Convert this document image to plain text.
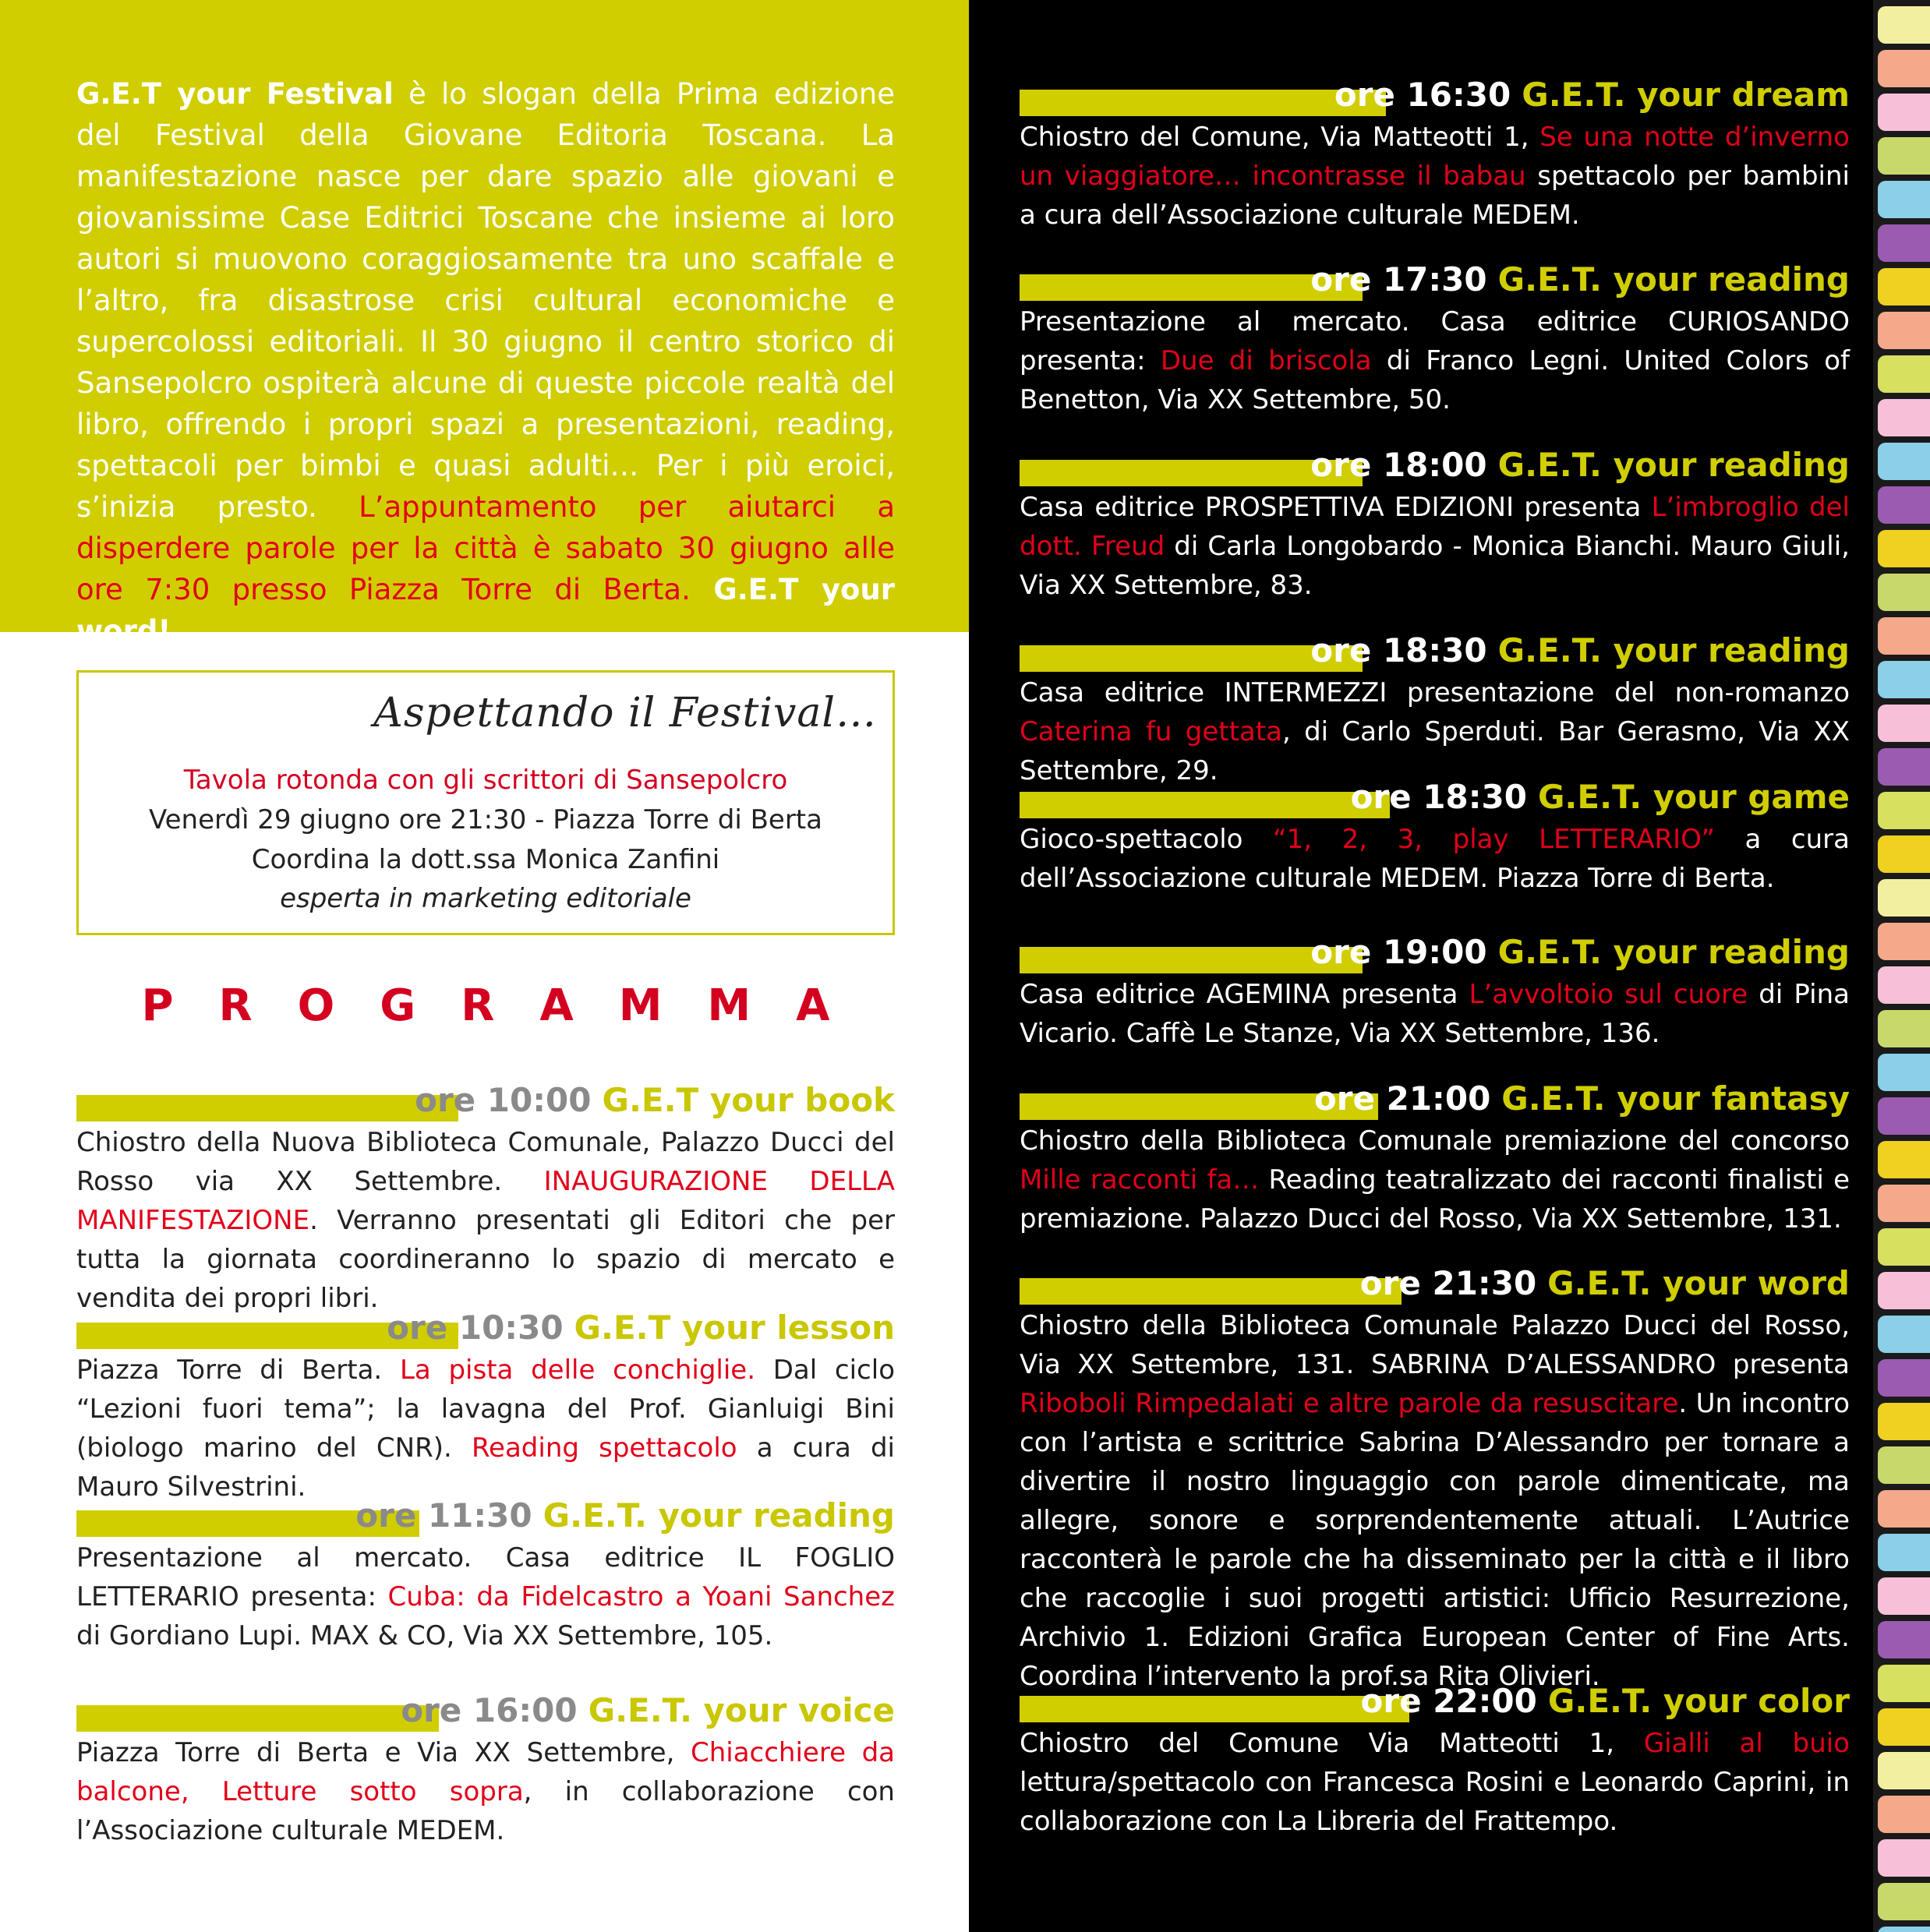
G.E.T your Festival è lo slogan della Prima edizione del Festival della Giovane Editoria Toscana. La manifestazione nasce per dare spazio alle giovani e giovanissime Case Editrici Toscane che insieme ai loro autori si muovono coraggiosamente tra uno scaffale e l’altro, fra disastrose crisi cultural economiche e supercolossi editoriali. Il 30 giugno il centro storico di Sansepolcro ospiterà alcune di queste piccole realtà del libro, offrendo i propri spazi a presentazioni, reading, spettacoli per bimbi e quasi adulti… Per i più eroici, s’inizia presto. L’appuntamento per aiutarci a disperdere parole per la città è sabato 30 giugno alle ore 7:30 presso Piazza Torre di Berta. G.E.T your word!

Aspettando il Festival…
Tavola rotonda con gli scrittori di Sansepolcro
Venerdì 29 giugno ore 21:30 - Piazza Torre di Berta
Coordina la dott.ssa Monica Zanfini
esperta in marketing editoriale
PROGRAMMA
ore 10:00 G.E.T your book

Chiostro della Nuova Biblioteca Comunale, Palazzo Ducci del Rosso via XX Settembre. INAUGURAZIONE DELLA MANIFESTAZIONE. Verranno presentati gli Editori che per tutta la giornata coordineranno lo spazio di mercato e vendita dei propri libri.

ore 10:30 G.E.T your lesson

Piazza Torre di Berta. La pista delle conchiglie. Dal ciclo “Lezioni fuori tema”; la lavagna del Prof. Gianluigi Bini (biologo marino del CNR). Reading spettacolo a cura di Mauro Silvestrini.

ore 11:30 G.E.T. your reading

Presentazione al mercato. Casa editrice IL FOGLIO LETTERARIO presenta: Cuba: da Fidelcastro a Yoani Sanchez di Gordiano Lupi. MAX & CO, Via XX Settembre, 105.

ore 16:00 G.E.T. your voice

Piazza Torre di Berta e Via XX Settembre, Chiacchiere da balcone, Letture sotto sopra, in collaborazione con l’Associazione culturale MEDEM.

ore 16:30 G.E.T. your dream

Chiostro del Comune, Via Matteotti 1, Se una notte d’inverno un viaggiatore… incontrasse il babau spettacolo per bambini a cura dell’Associazione culturale MEDEM.

ore 17:30 G.E.T. your reading

Presentazione al mercato. Casa editrice CURIOSANDO presenta: Due di briscola di Franco Legni. United Colors of Benetton, Via XX Settembre, 50.

ore 18:00 G.E.T. your reading

Casa editrice PROSPETTIVA EDIZIONI presenta L’imbroglio del dott. Freud di Carla Longobardo - Monica Bianchi. Mauro Giuli, Via XX Settembre, 83.

ore 18:30 G.E.T. your reading

Casa editrice INTERMEZZI presentazione del non-romanzo Caterina fu gettata, di Carlo Sperduti. Bar Gerasmo, Via XX Settembre, 29.

ore 18:30 G.E.T. your game

Gioco-spettacolo “1, 2, 3, play LETTERARIO” a cura dell’Associazione culturale MEDEM. Piazza Torre di Berta.

ore 19:00 G.E.T. your reading

Casa editrice AGEMINA presenta L’avvoltoio sul cuore di Pina Vicario. Caffè Le Stanze, Via XX Settembre, 136.

ore 21:00 G.E.T. your fantasy

Chiostro della Biblioteca Comunale premiazione del concorso Mille racconti fa… Reading teatralizzato dei racconti finalisti e premiazione. Palazzo Ducci del Rosso, Via XX Settembre, 131.

ore 21:30 G.E.T. your word

Chiostro della Biblioteca Comunale Palazzo Ducci del Rosso, Via XX Settembre, 131. SABRINA D’ALESSANDRO presenta Riboboli Rimpedalati e altre parole da resuscitare. Un incontro con l’artista e scrittrice Sabrina D’Alessandro per tornare a divertire il nostro linguaggio con parole dimenticate, ma allegre, sonore e sorprendentemente attuali. L’Autrice racconterà le parole che ha disseminato per la città e il libro che raccoglie i suoi progetti artistici: Ufficio Resurrezione, Archivio 1. Edizioni Grafica European Center of Fine Arts. Coordina l’intervento la prof.sa Rita Olivieri.

ore 22:00 G.E.T. your color

Chiostro del Comune Via Matteotti 1, Gialli al buio lettura/spettacolo con Francesca Rosini e Leonardo Caprini, in collaborazione con La Libreria del Frattempo.
